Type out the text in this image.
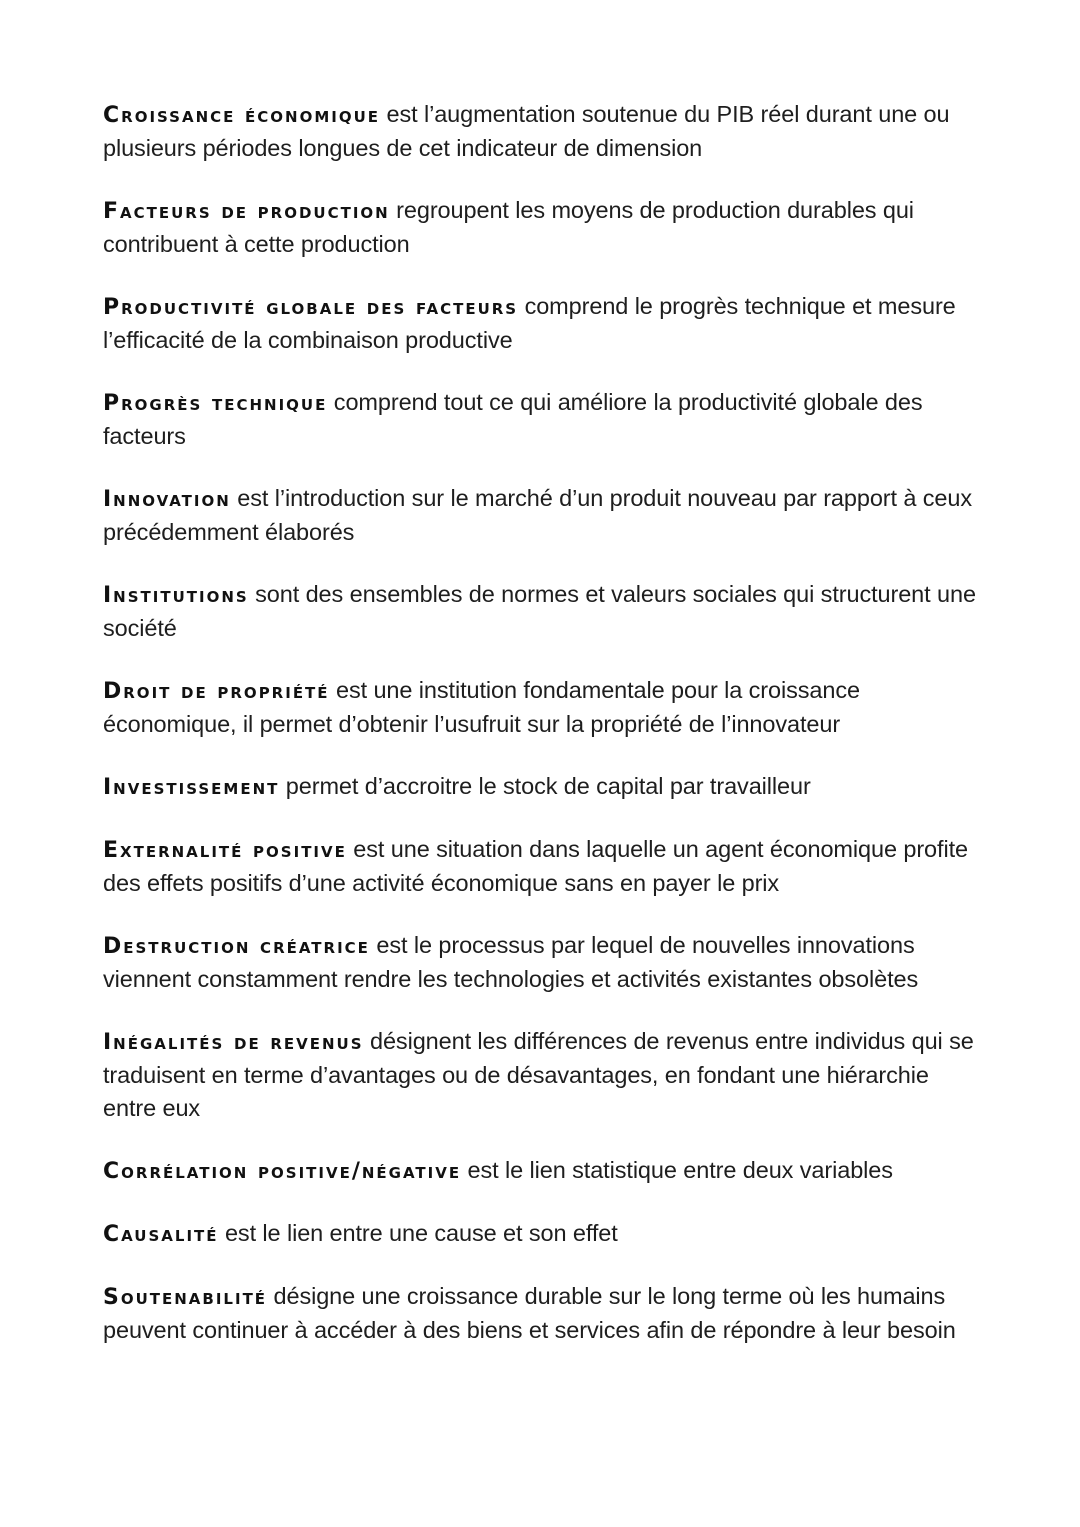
Croissance économique est l’augmentation soutenue du PIB réel durant une ou plusieurs périodes longues de cet indicateur de dimension

Facteurs de production regroupent les moyens de production durables qui contribuent à cette production

Productivité globale des facteurs comprend le progrès technique et mesure l’efficacité de la combinaison productive

Progrès technique comprend tout ce qui améliore la productivité globale des facteurs

Innovation est l’introduction sur le marché d’un produit nouveau par rapport à ceux précédemment élaborés

Institutions sont des ensembles de normes et valeurs sociales qui structurent une société

Droit de propriété est une institution fondamentale pour la croissance économique, il permet d’obtenir l’usufruit sur la propriété de l’innovateur

Investissement permet d’accroitre le stock de capital par travailleur

Externalité positive est une situation dans laquelle un agent économique profite des effets positifs d’une activité économique sans en payer le prix

Destruction créatrice est le processus par lequel de nouvelles innovations viennent constamment rendre les technologies et activités existantes obsolètes

Inégalités de revenus désignent les différences de revenus entre individus qui se traduisent en terme d’avantages ou de désavantages, en fondant une hiérarchie entre eux

Corrélation positive/négative est le lien statistique entre deux variables

Causalité est le lien entre une cause et son effet

Soutenabilité désigne une croissance durable sur le long terme où les humains peuvent continuer à accéder à des biens et services afin de répondre à leur besoin
